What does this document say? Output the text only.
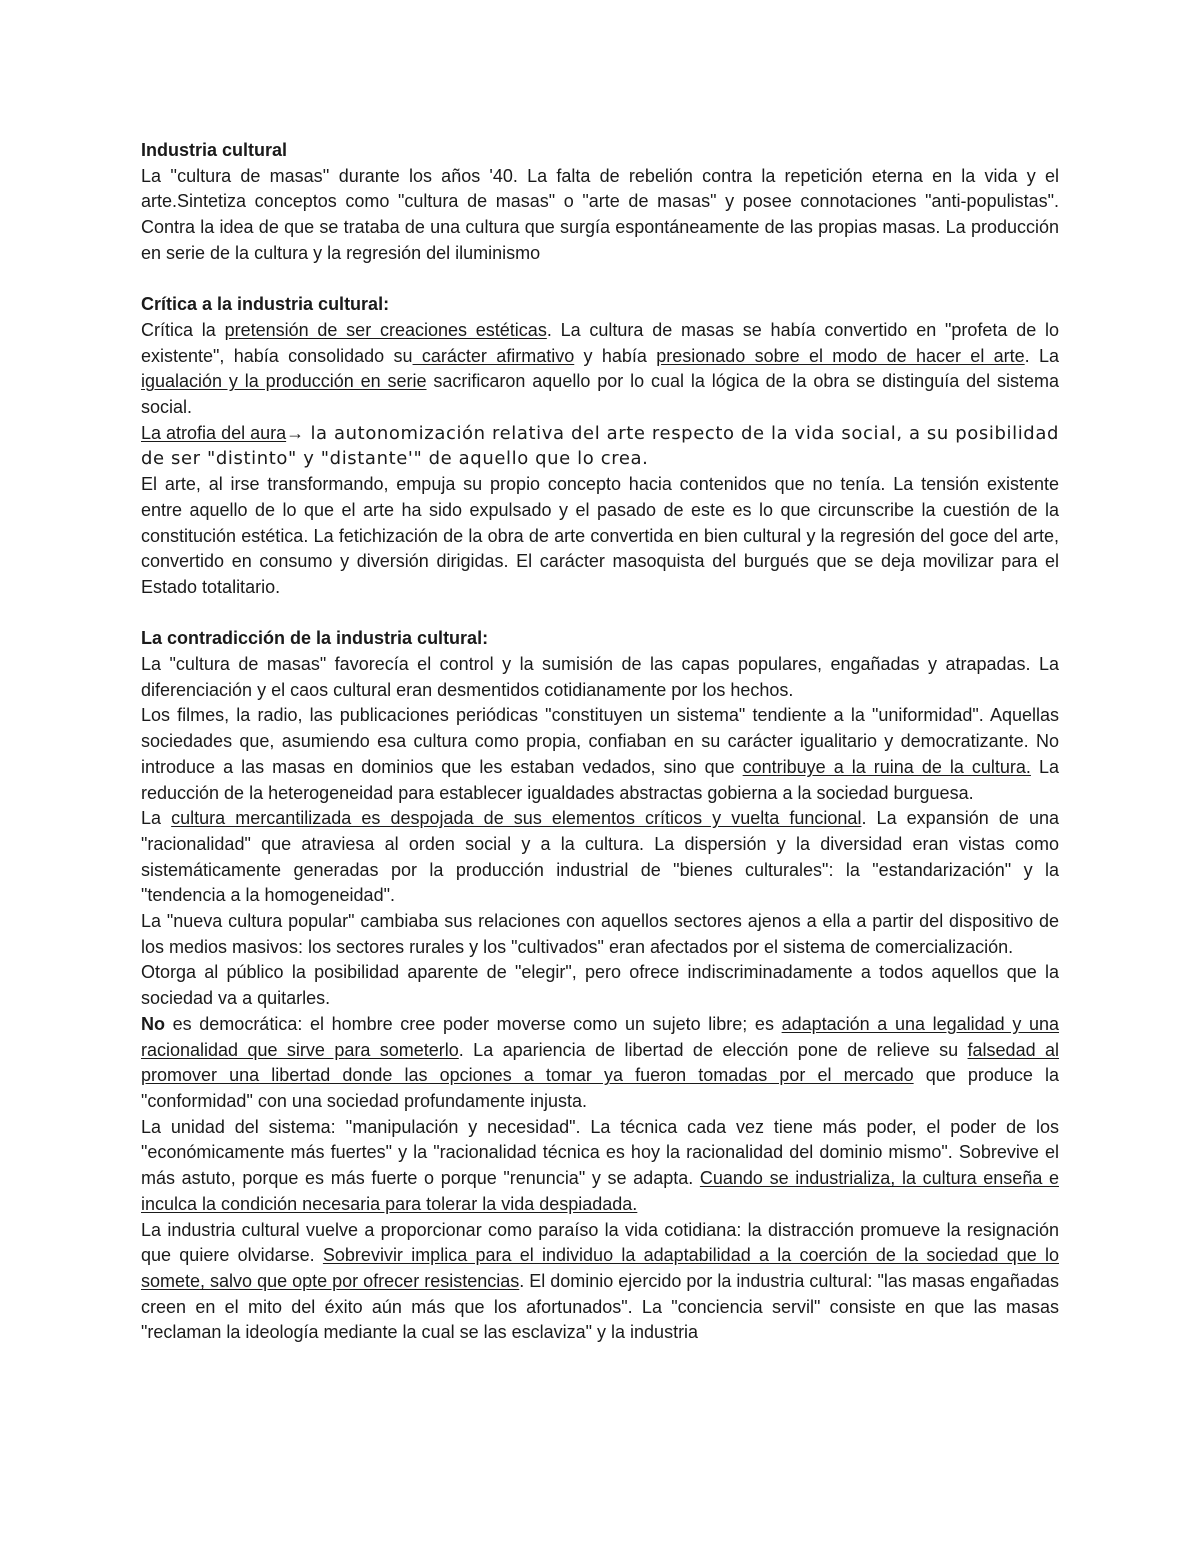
Industria cultural

La ''cultura de masas'' durante los años '40. La falta de rebelión contra la repetición eterna en la vida y el arte.Sintetiza conceptos como "cultura de masas" o "arte de masas" y posee connotaciones "anti-populistas". Contra la idea de que se trataba de una cultura que surgía espontáneamente de las propias masas. La producción en serie de la cultura y la regresión del iluminismo

Crítica a la industria cultural:

Crítica la pretensión de ser creaciones estéticas. La cultura de masas se había convertido en "profeta de lo existente", había consolidado su carácter afirmativo y había presionado sobre el modo de hacer el arte. La igualación y la producción en serie sacrificaron aquello por lo cual la lógica de la obra se distinguía del sistema social.

La atrofia del aura→ la autonomización relativa del arte respecto de la vida social, a su posibilidad de ser "distinto" y "distante'" de aquello que lo crea.

El arte, al irse transformando, empuja su propio concepto hacia contenidos que no tenía. La tensión existente entre aquello de lo que el arte ha sido expulsado y el pasado de este es lo que circunscribe la cuestión de la constitución estética. La fetichización de la obra de arte convertida en bien cultural y la regresión del goce del arte, convertido en consumo y diversión dirigidas. El carácter masoquista del burgués que se deja movilizar para el Estado totalitario.

La contradicción de la industria cultural:

La "cultura de masas" favorecía el control y la sumisión de las capas populares, engañadas y atrapadas. La diferenciación y el caos cultural eran desmentidos cotidianamente por los hechos.

Los filmes, la radio, las publicaciones periódicas "constituyen un sistema" tendiente a la "uniformidad". Aquellas sociedades que, asumiendo esa cultura como propia, confiaban en su carácter igualitario y democratizante. No introduce a las masas en dominios que les estaban vedados, sino que contribuye a la ruina de la cultura. La reducción de la heterogeneidad para establecer igualdades abstractas gobierna a la sociedad burguesa.

La cultura mercantilizada es despojada de sus elementos críticos y vuelta funcional. La expansión de una "racionalidad" que atraviesa al orden social y a la cultura. La dispersión y la diversidad eran vistas como sistemáticamente generadas por la producción industrial de "bienes culturales": la "estandarización" y la "tendencia a la homogeneidad".

La "nueva cultura popular" cambiaba sus relaciones con aquellos sectores ajenos a ella a partir del dispositivo de los medios masivos: los sectores rurales y los "cultivados" eran afectados por el sistema de comercialización.

Otorga al público la posibilidad aparente de "elegir", pero ofrece indiscriminadamente a todos aquellos que la sociedad va a quitarles.

No es democrática: el hombre cree poder moverse como un sujeto libre; es adaptación a una legalidad y una racionalidad que sirve para someterlo. La apariencia de libertad de elección pone de relieve su falsedad al promover una libertad donde las opciones a tomar ya fueron tomadas por el mercado que produce la "conformidad" con una sociedad profundamente injusta.

La unidad del sistema: ''manipulación y necesidad". La técnica cada vez tiene más poder, el poder de los "económicamente más fuertes" y la "racionalidad técnica es hoy la racionalidad del dominio mismo". Sobrevive el más astuto, porque es más fuerte o porque "renuncia" y se adapta. Cuando se industrializa, la cultura enseña e inculca la condición necesaria para tolerar la vida despiadada.

La industria cultural vuelve a proporcionar como paraíso la vida cotidiana: la distracción promueve la resignación que quiere olvidarse. Sobrevivir implica para el individuo la adaptabilidad a la coerción de la sociedad que lo somete, salvo que opte por ofrecer resistencias. El dominio ejercido por la industria cultural: "las masas engañadas creen en el mito del éxito aún más que los afortunados". La "conciencia servil" consiste en que las masas "reclaman la ideología mediante la cual se las esclaviza" y la industria
